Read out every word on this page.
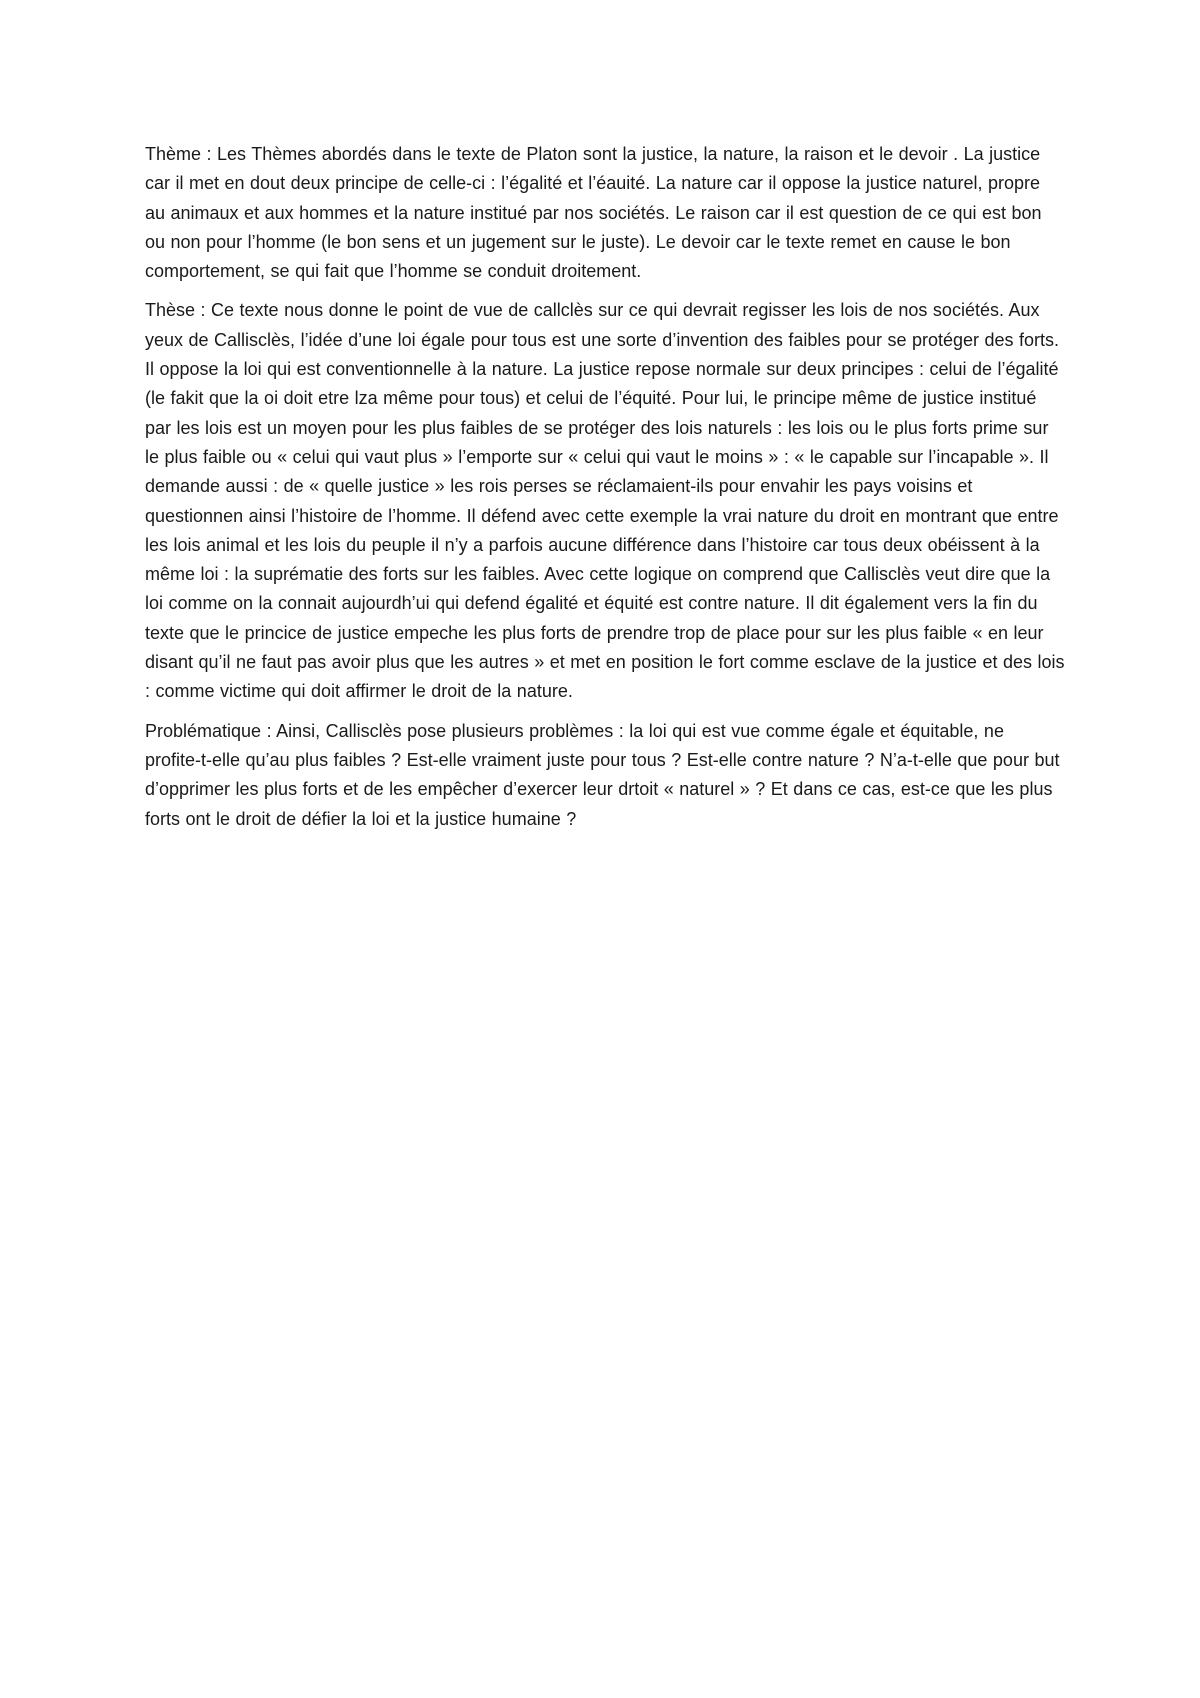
Thème : Les Thèmes abordés dans le texte de Platon sont la justice, la nature, la raison et le devoir . La justice car il met en dout deux principe de celle-ci : l’égalité et l’éauité. La nature car il oppose la justice naturel, propre au animaux et aux hommes et la nature institué par nos sociétés. Le raison car il est question de ce qui est bon ou non pour l’homme (le bon sens et un jugement sur le juste). Le devoir car le texte remet en cause le bon comportement, se qui fait que l’homme se conduit droitement.

Thèse : Ce texte nous donne le point de vue de callclès sur ce qui devrait regisser les lois de nos sociétés. Aux yeux de Callisclès, l’idée d’une loi égale pour tous est une sorte d’invention des faibles pour se protéger des forts. Il oppose la loi qui est conventionnelle à la nature. La justice repose normale sur deux principes : celui de l’égalité (le fakit que la oi doit etre lza même pour tous) et celui de l’équité. Pour lui, le principe même de justice institué par les lois est un moyen pour les plus faibles de se protéger des lois naturels : les lois ou le plus forts prime sur le plus faible ou « celui qui vaut plus » l’emporte sur « celui qui vaut le moins » : « le capable sur l’incapable ». Il demande aussi : de « quelle justice » les rois perses se réclamaient-ils pour envahir les pays voisins et questionnen ainsi l’histoire de l’homme. Il défend avec cette exemple la vrai nature du droit en montrant que entre les lois animal et les lois du peuple il n’y a parfois aucune différence dans l’histoire car tous deux obéissent à la même loi : la suprématie des forts sur les faibles. Avec cette logique on comprend que Callisclès veut dire que la loi comme on la connait aujourdh’ui qui defend égalité et équité est contre nature. Il dit également vers la fin du texte que le princice de justice empeche les plus forts de prendre trop de place pour sur les plus faible « en leur disant qu’il ne faut pas avoir plus que les autres » et met en position le fort comme esclave de la justice et des lois : comme victime qui doit affirmer le droit de la nature.

Problématique : Ainsi, Callisclès pose plusieurs problèmes : la loi qui est vue comme égale et équitable, ne profite-t-elle qu’au plus faibles ? Est-elle vraiment juste pour tous ? Est-elle contre nature ? N’a-t-elle que pour but d’opprimer les plus forts et de les empêcher d’exercer leur drtoit « naturel » ? Et dans ce cas, est-ce que les plus forts ont le droit de défier la loi et la justice humaine ?
